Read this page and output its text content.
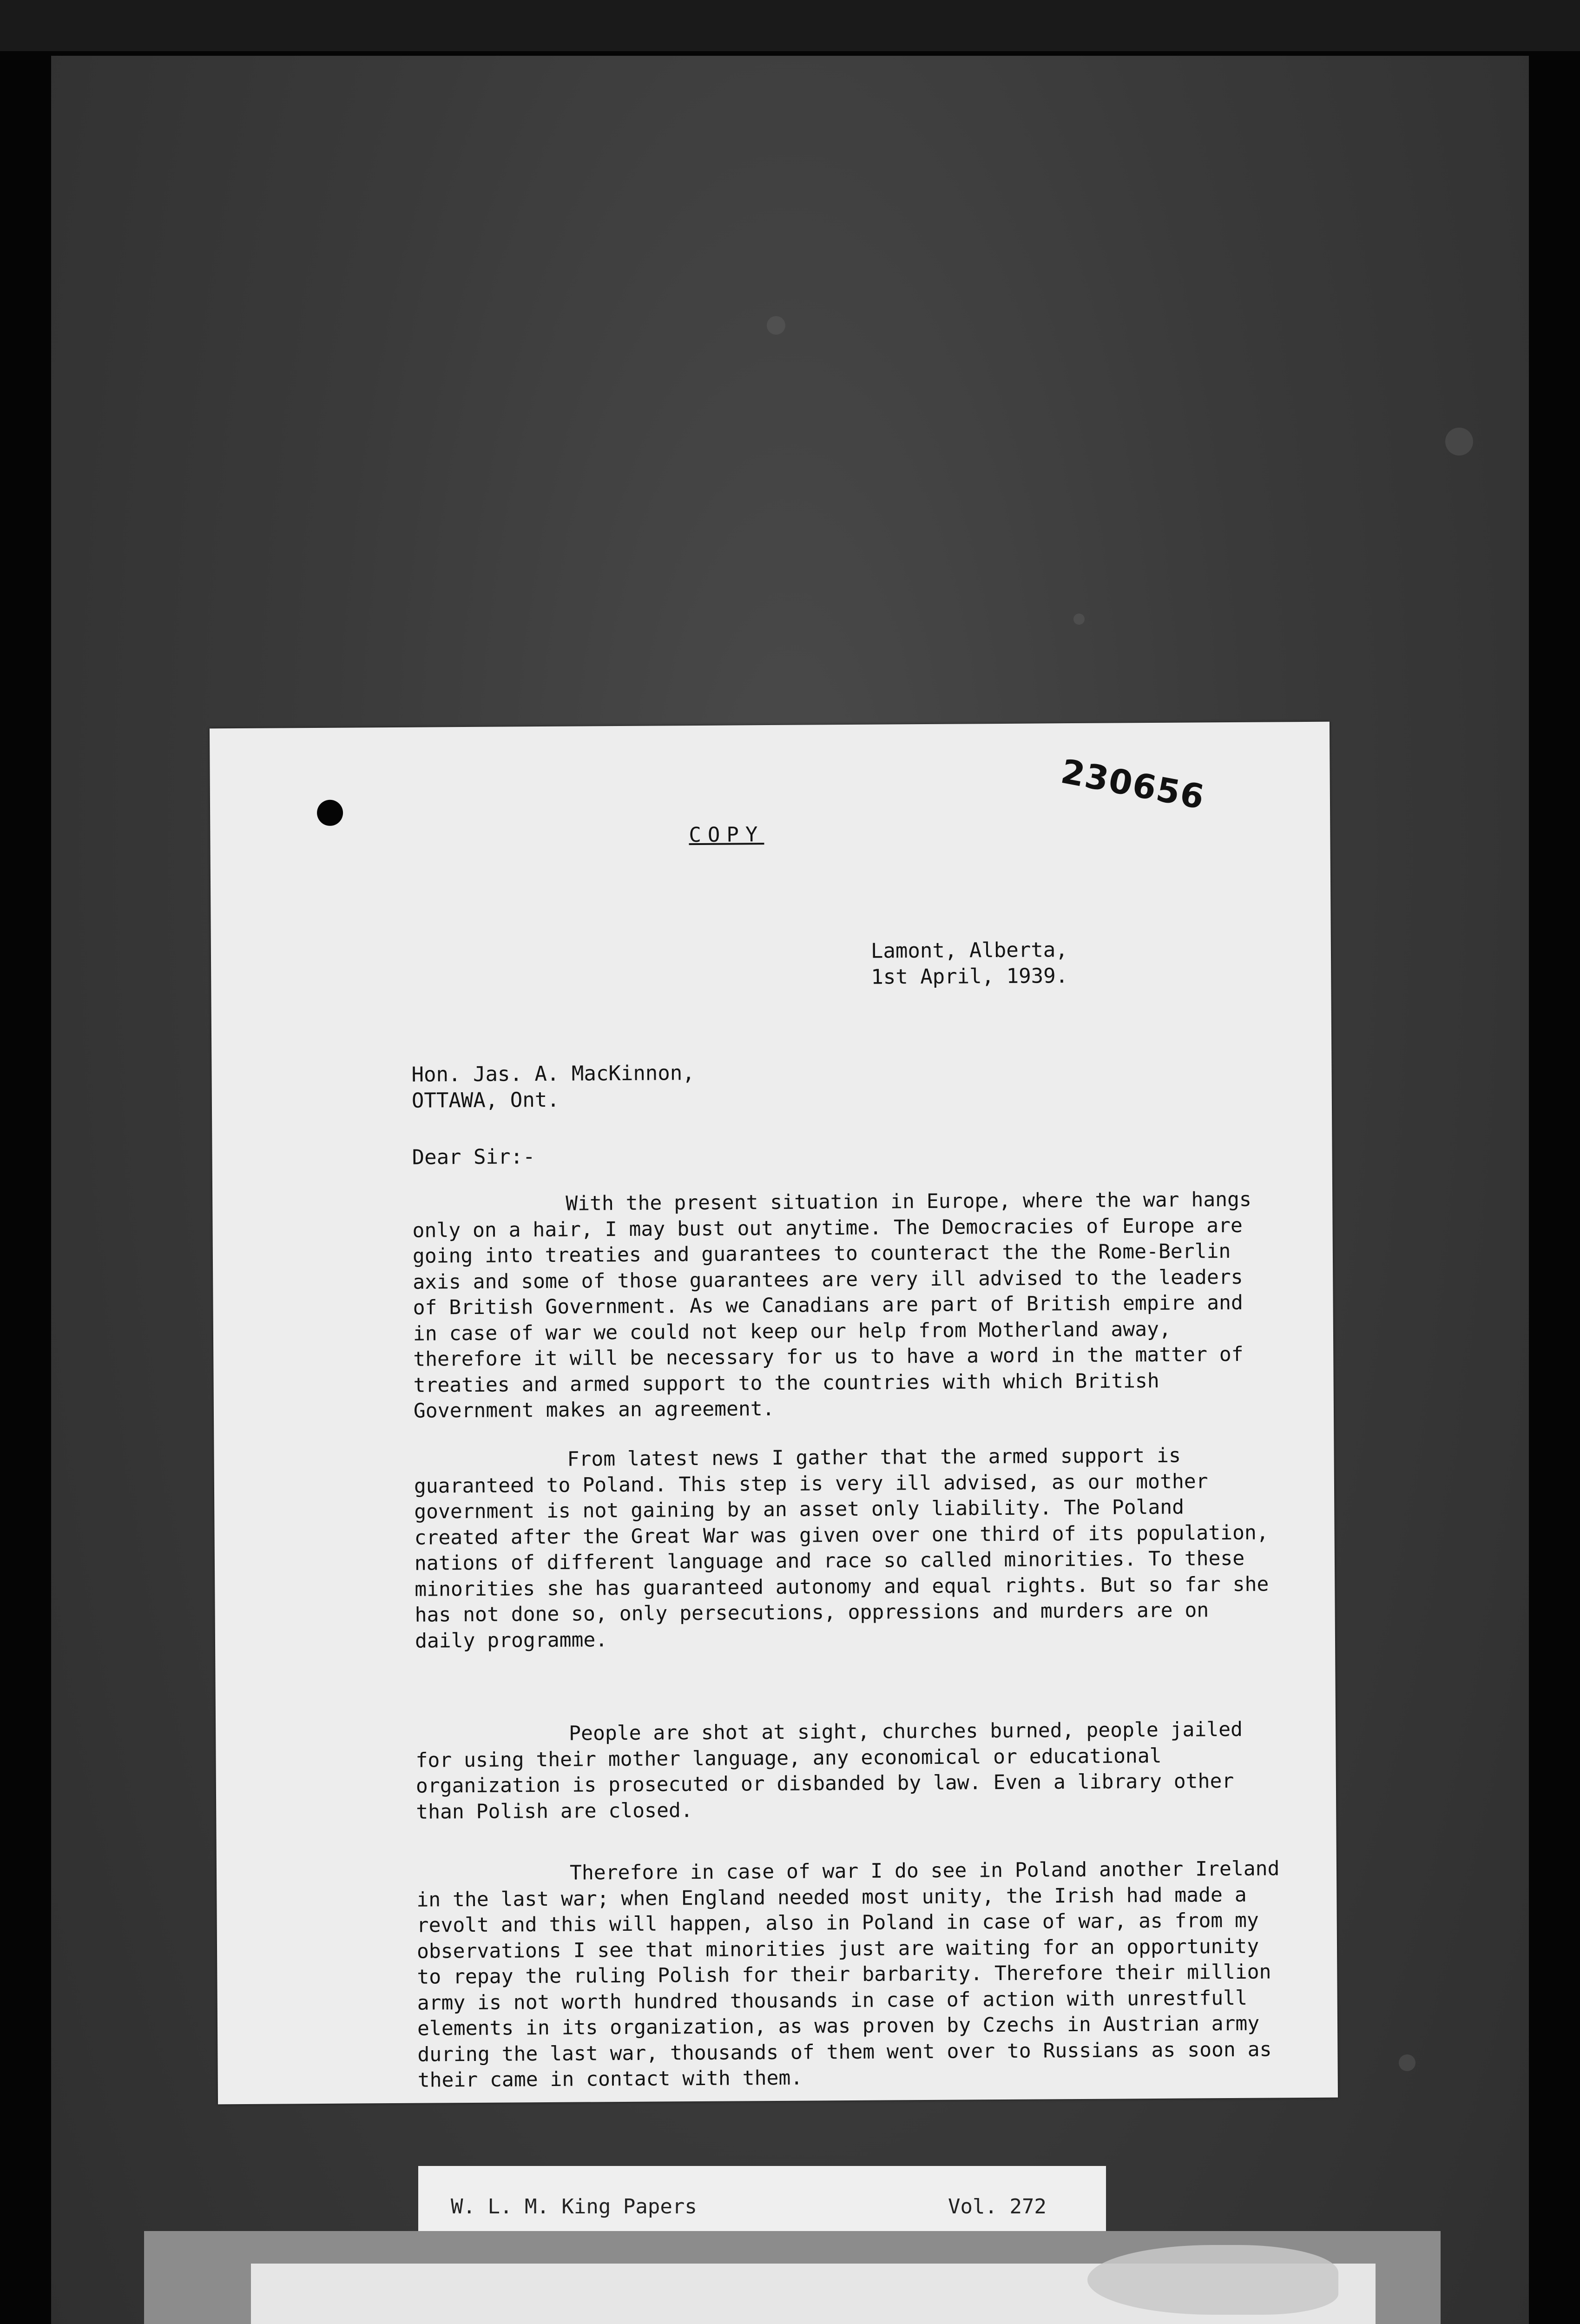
230656
COPY
Lamont, Alberta,
1st April, 1939.
Hon. Jas. A. MacKinnon,
OTTAWA, Ont.
Dear Sir:-
With the present situation in Europe, where the war hangs only on a hair, I may bust out anytime. The Democracies of Europe are going into treaties and guarantees to counteract the the Rome-Berlin axis and some of those guarantees are very ill advised to the leaders of British Government. As we Canadians are part of British empire and in case of war we could not keep our help from Motherland away, therefore it will be necessary for us to have a word in the matter of treaties and armed support to the countries with which British Government makes an agreement.
From latest news I gather that the armed support is guaranteed to Poland. This step is very ill advised, as our mother government is not gaining by an asset only liability. The Poland created after the Great War was given over one third of its population, nations of different language and race so called minorities. To these minorities she has guaranteed autonomy and equal rights. But so far she has not done so, only persecutions, oppressions and murders are on daily programme.
People are shot at sight, churches burned, people jailed for using their mother language, any economical or educational organization is prosecuted or disbanded by law. Even a library other than Polish are closed.
Therefore in case of war I do see in Poland another Ireland in the last war; when England needed most unity, the Irish had made a revolt and this will happen, also in Poland in case of war, as from my observations I see that minorities just are waiting for an opportunity to repay the ruling Polish for their barbarity. Therefore their million army is not worth hundred thousands in case of action with unrestfull elements in its organization, as was proven by Czechs in Austrian army during the last war, thousands of them went over to Russians as soon as their came in contact with them.
W. L. M. King Papers	Vol. 272
